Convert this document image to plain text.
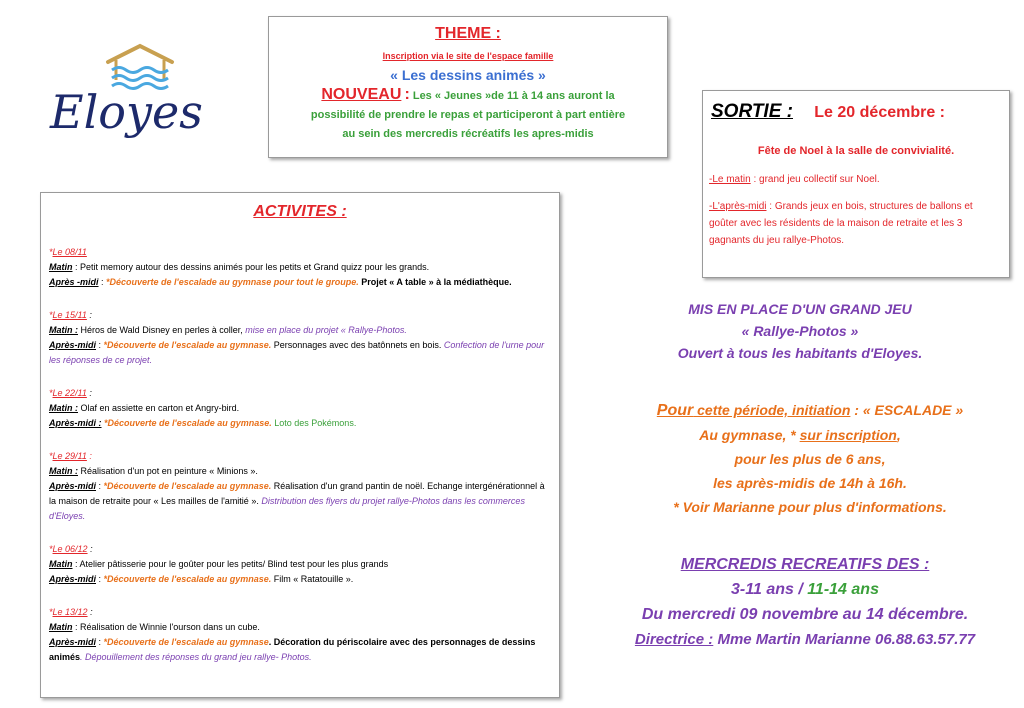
Eloyes
THEME :
Inscription via le site de l'espace famille
« Les dessins animés »
NOUVEAU : Les « Jeunes »de 11 à 14 ans auront la
possibilité de prendre le repas et participeront à part entière
au sein des mercredis récréatifs les apres-midis
SORTIE : Le 20 décembre :
Fête de Noel à la salle de convivialité.
-Le matin : grand jeu collectif sur Noel.
-L'après-midi : Grands jeux en bois, structures de ballons et goûter avec les résidents de la maison de retraite et les 3 gagnants du jeu rallye-Photos.
ACTIVITES :
*Le 08/11
Matin : Petit memory autour des dessins animés pour les petits et Grand quizz pour les grands.
Après -midi : *Découverte de l'escalade au gymnase pour tout le groupe. Projet « A table » à la médiathèque.
*Le 15/11 :
Matin : Héros de Wald Disney en perles à coller, mise en place du projet « Rallye-Photos.
Après-midi : *Découverte de l'escalade au gymnase. Personnages avec des batônnets en bois. Confection de l'urne pour les réponses de ce projet.
*Le 22/11 :
Matin : Olaf en assiette en carton et Angry-bird.
Après-midi : *Découverte de l'escalade au gymnase. Loto des Pokémons.
*Le 29/11 :
Matin : Réalisation d'un pot en peinture « Minions ».
Après-midi : *Découverte de l'escalade au gymnase. Réalisation d'un grand pantin de noël. Echange intergénérationnel à la maison de retraite pour « Les mailles de l'amitié ». Distribution des flyers du projet rallye-Photos dans les commerces d'Eloyes.
*Le 06/12 :
Matin : Atelier pâtisserie pour le goûter pour les petits/ Blind test pour les plus grands
Après-midi : *Découverte de l'escalade au gymnase. Film « Ratatouille ».
*Le 13/12 :
Matin : Réalisation de Winnie l'ourson dans un cube.
Après-midi : *Découverte de l'escalade au gymnase. Décoration du périscolaire avec des personnages de dessins animés. Dépouillement des réponses du grand jeu rallye- Photos.
MIS EN PLACE D'UN GRAND JEU
« Rallye-Photos »
Ouvert à tous les habitants d'Eloyes.
Pour cette période, initiation : « ESCALADE »
Au gymnase, * sur inscription,
pour les plus de 6 ans,
les après-midis de 14h à 16h.
* Voir Marianne pour plus d'informations.
MERCREDIS RECREATIFS DES :
3-11 ans / 11-14 ans
Du mercredi 09 novembre au 14 décembre.
Directrice : Mme Martin Marianne 06.88.63.57.77
